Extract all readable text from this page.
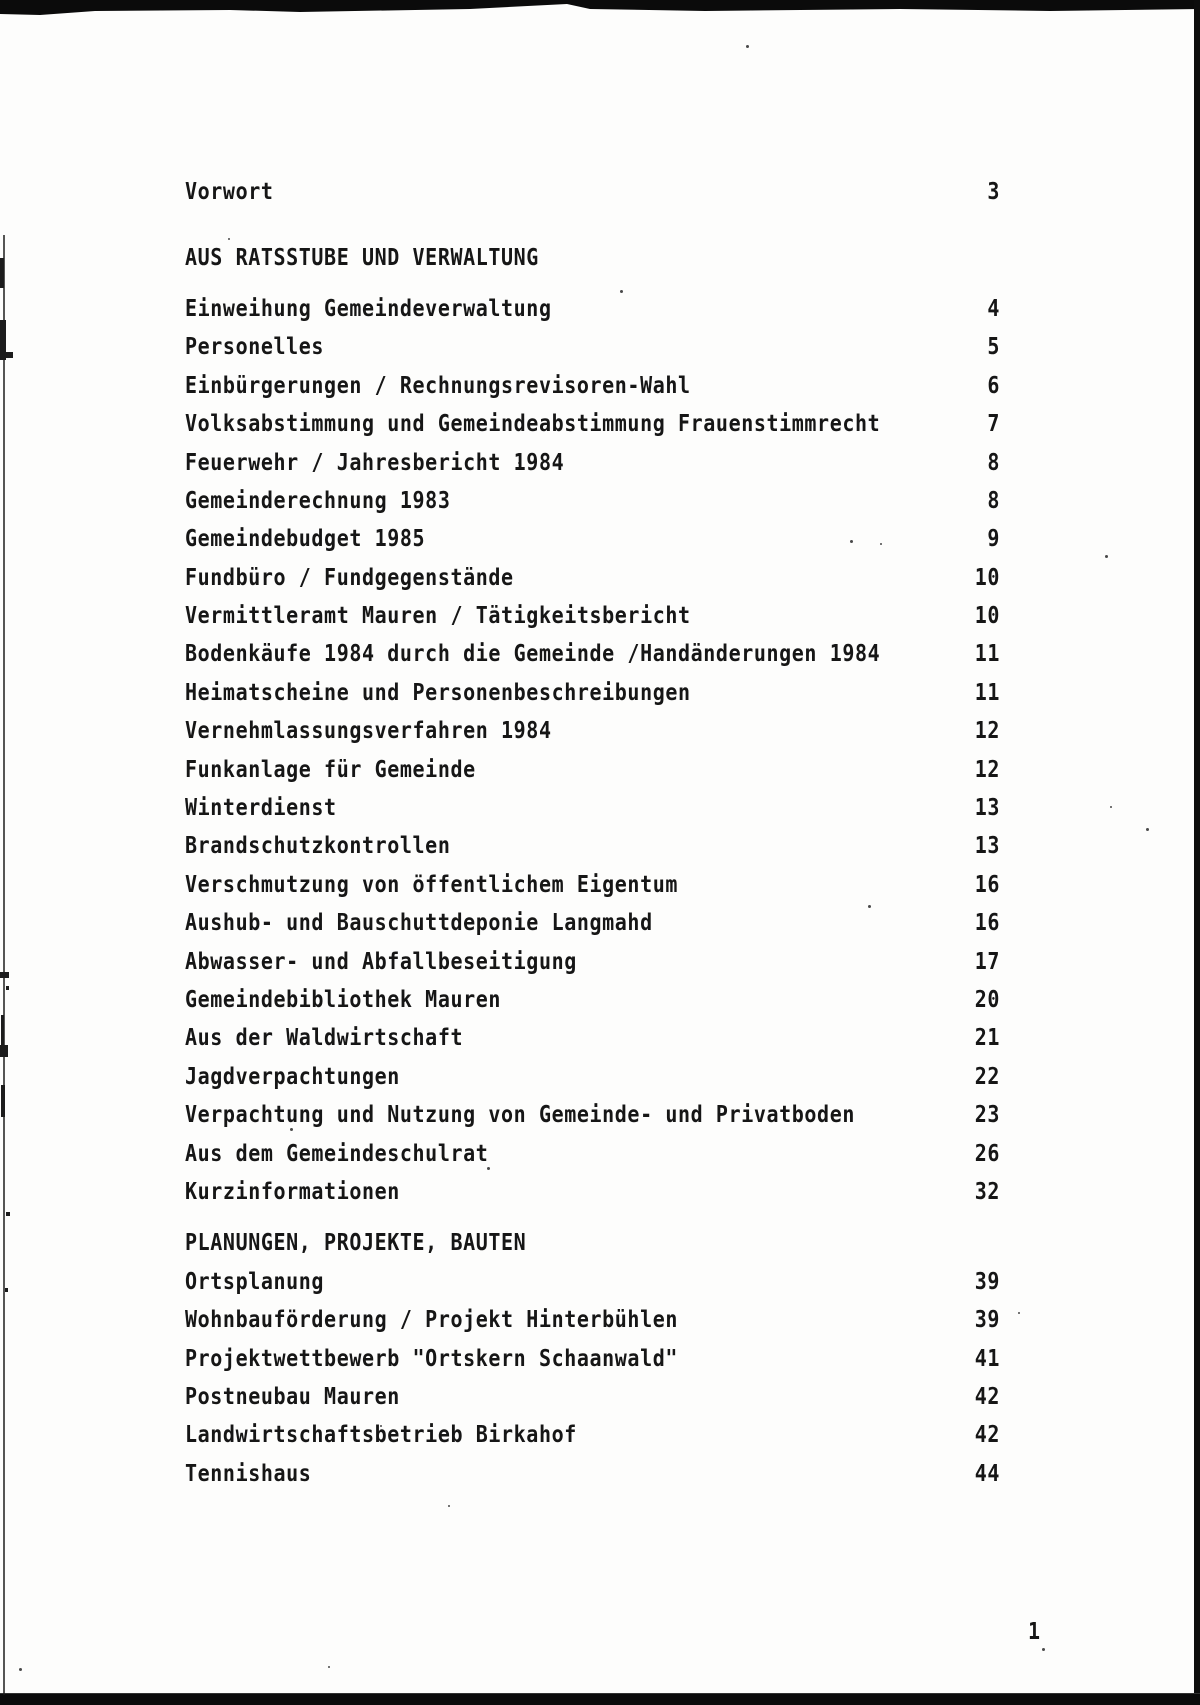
Vorwort	3
AUS RATSSTUBE UND VERWALTUNG
Einweihung Gemeindeverwaltung	4
Personelles	5
Einbürgerungen / Rechnungsrevisoren-Wahl	6
Volksabstimmung und Gemeindeabstimmung Frauenstimmrecht	7
Feuerwehr / Jahresbericht 1984	8
Gemeinderechnung 1983	8
Gemeindebudget 1985	9
Fundbüro / Fundgegenstände	10
Vermittleramt Mauren / Tätigkeitsbericht	10
Bodenkäufe 1984 durch die Gemeinde /Handänderungen 1984	11
Heimatscheine und Personenbeschreibungen	11
Vernehmlassungsverfahren 1984	12
Funkanlage für Gemeinde	12
Winterdienst	13
Brandschutzkontrollen	13
Verschmutzung von öffentlichem Eigentum	16
Aushub- und Bauschuttdeponie Langmahd	16
Abwasser- und Abfallbeseitigung	17
Gemeindebibliothek Mauren	20
Aus der Waldwirtschaft	21
Jagdverpachtungen	22
Verpachtung und Nutzung von Gemeinde- und Privatboden	23
Aus dem Gemeindeschulrat	26
Kurzinformationen	32
PLANUNGEN, PROJEKTE, BAUTEN
Ortsplanung	39
Wohnbauförderung / Projekt Hinterbühlen	39
Projektwettbewerb "Ortskern Schaanwald"	41
Postneubau Mauren	42
Landwirtschaftsbetrieb Birkahof	42
Tennishaus	44
1
